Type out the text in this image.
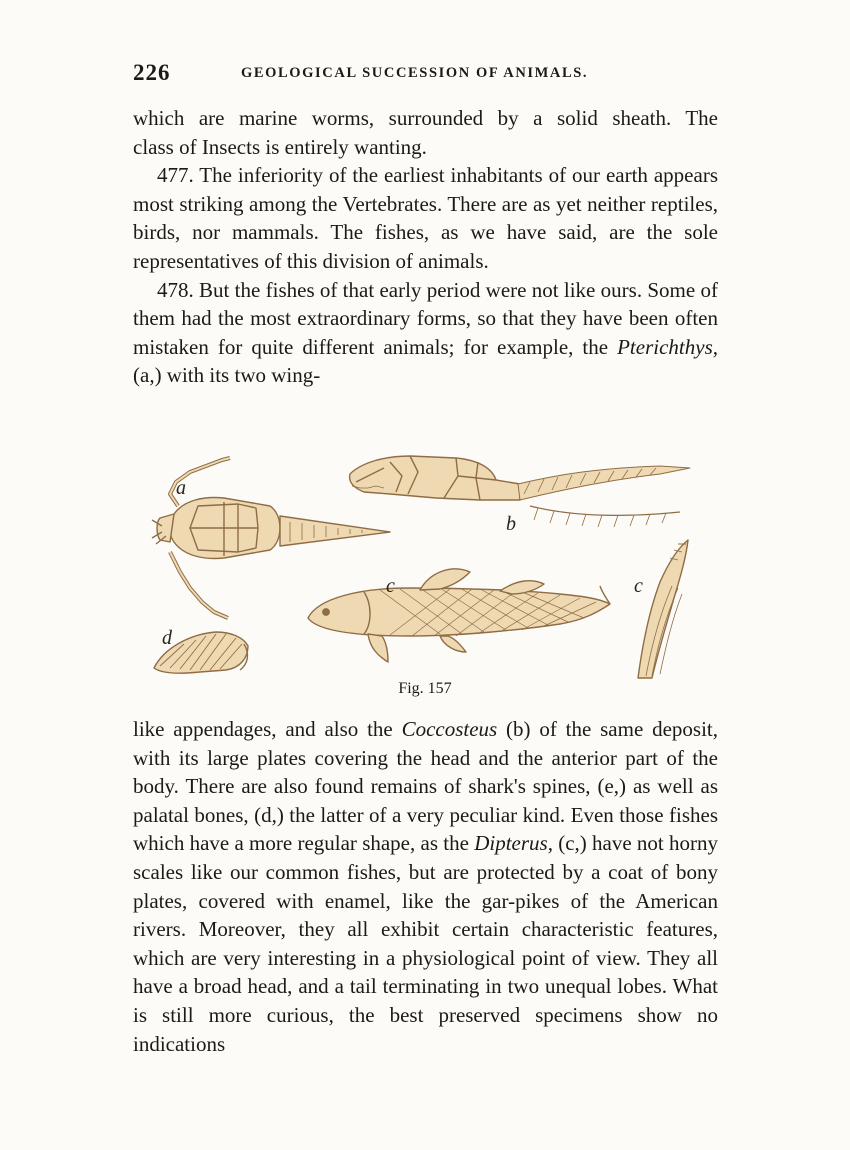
226	GEOLOGICAL SUCCESSION OF ANIMALS.

which are marine worms, surrounded by a solid sheath. The

class of Insects is entirely wanting.

477. The inferiority of the earliest inhabitants of our earth appears most striking among the Vertebrates. There are as yet neither reptiles, birds, nor mammals. The fishes, as we have said, are the sole representatives of this division of animals.

478. But the fishes of that early period were not like ours. Some of them had the most extraordinary forms, so that they have been often mistaken for quite different animals; for example, the Pterichthys, (a,) with its two wing-

a
b
c	c
d
Fig. 157

like appendages, and also the Coccosteus (b) of the same deposit, with its large plates covering the head and the anterior part of the body. There are also found remains of shark's spines, (e,) as well as palatal bones, (d,) the latter of a very peculiar kind. Even those fishes which have a more regular shape, as the Dipterus, (c,) have not horny scales like our common fishes, but are protected by a coat of bony plates, covered with enamel, like the gar-pikes of the American rivers. Moreover, they all exhibit certain characteristic features, which are very interesting in a physiological point of view. They all have a broad head, and a tail terminating in two unequal lobes. What is still more curious, the best preserved specimens show no indications
